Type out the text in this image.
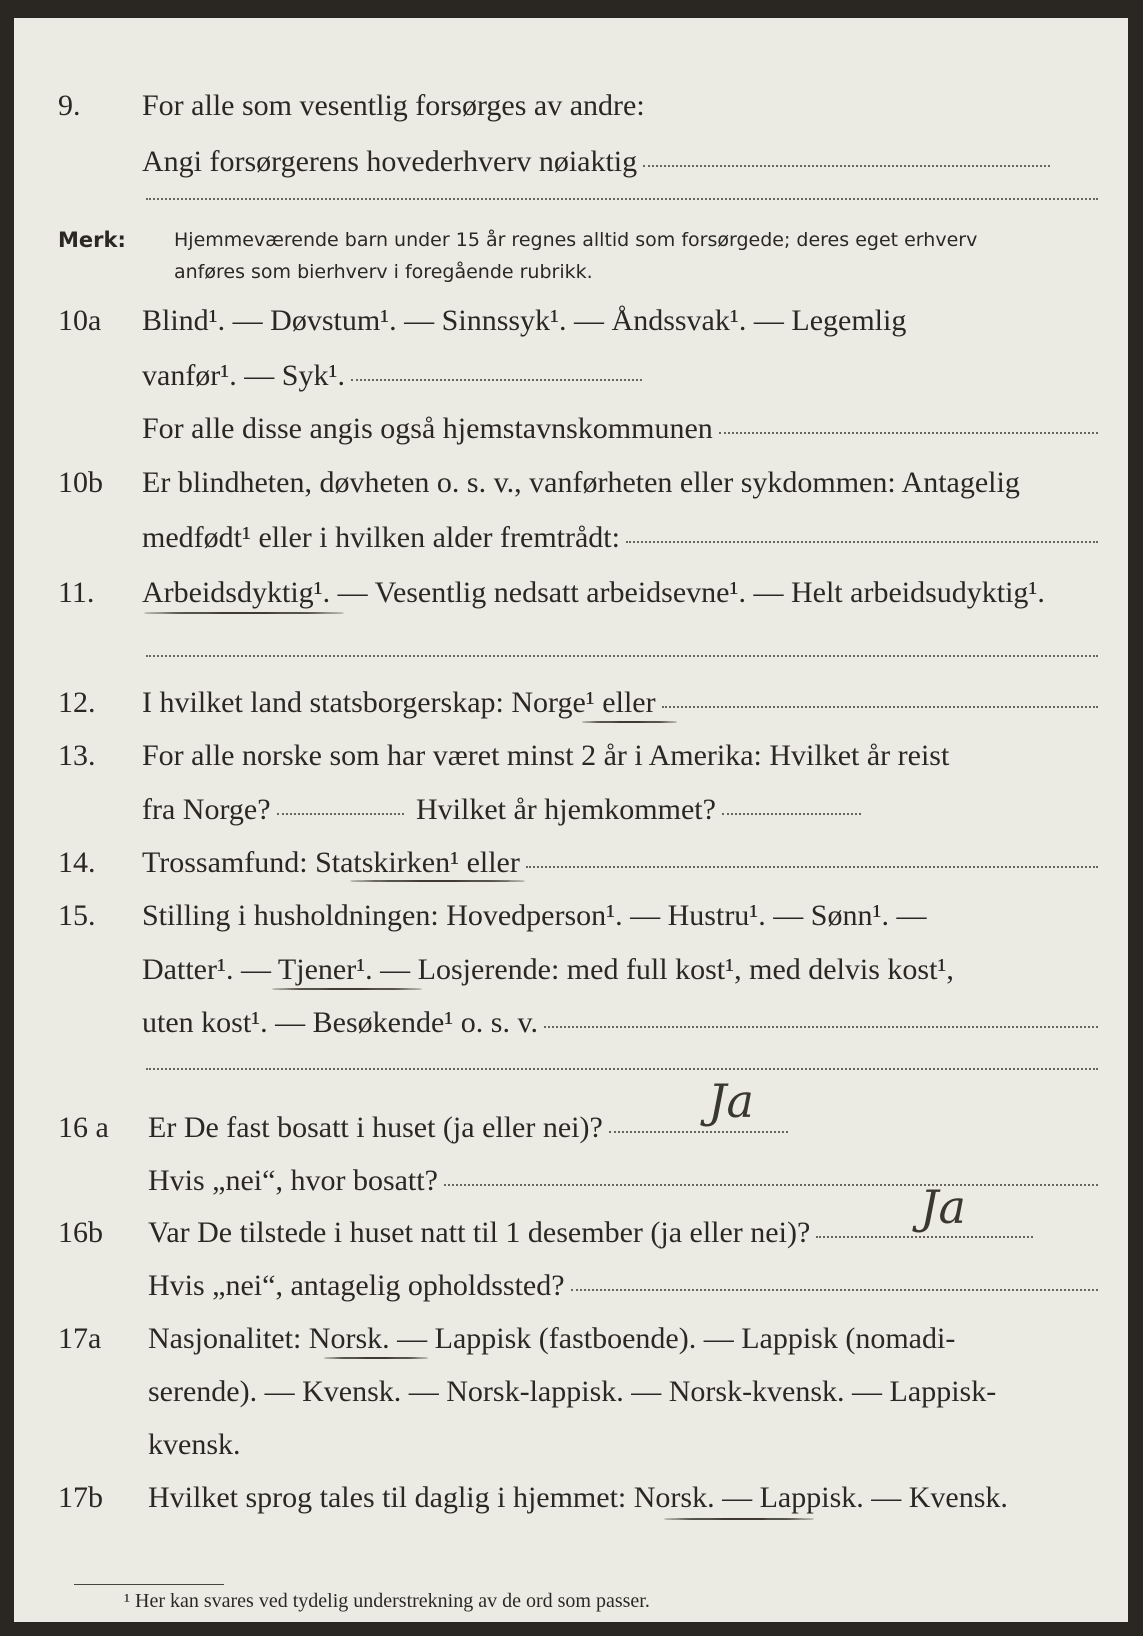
9. For alle som vesentlig forsørges av andre:
Angi forsørgerens hovederhverv nøiaktig
Merk:	Hjemmeværende barn under 15 år regnes alltid som forsørgede; deres eget erhverv
anføres som bierhverv i foregående rubrikk.
10a Blind¹. — Døvstum¹. — Sinnssyk¹. — Åndssvak¹. — Legemlig
vanfør¹. — Syk¹.
For alle disse angis også hjemstavnskommunen
10b Er blindheten, døvheten o. s. v., vanførheten eller sykdommen: Antagelig
medfødt¹ eller i hvilken alder fremtrådt:
11. Arbeidsdyktig¹. — Vesentlig nedsatt arbeidsevne¹. — Helt arbeidsudyktig¹.
12. I hvilket land statsborgerskap: Norge¹ eller
13. For alle norske som har været minst 2 år i Amerika: Hvilket år reist
fra Norge?	Hvilket år hjemkommet?
14. Trossamfund: Statskirken¹ eller
15. Stilling i husholdningen: Hovedperson¹. — Hustru¹. — Sønn¹. —
Datter¹. — Tjener¹. — Losjerende: med full kost¹, med delvis kost¹,
uten kost¹. — Besøkende¹ o. s. v.
16 a Er De fast bosatt i huset (ja eller nei)? Ja
Hvis „nei“, hvor bosatt?
16b Var De tilstede i huset natt til 1 desember (ja eller nei)? Ja
Hvis „nei“, antagelig opholdssted?
17a Nasjonalitet: Norsk. — Lappisk (fastboende). — Lappisk (nomadi-
serende). — Kvensk. — Norsk-lappisk. — Norsk-kvensk. — Lappisk-
kvensk.
17b Hvilket sprog tales til daglig i hjemmet: Norsk. — Lappisk. — Kvensk.
¹ Her kan svares ved tydelig understrekning av de ord som passer.
